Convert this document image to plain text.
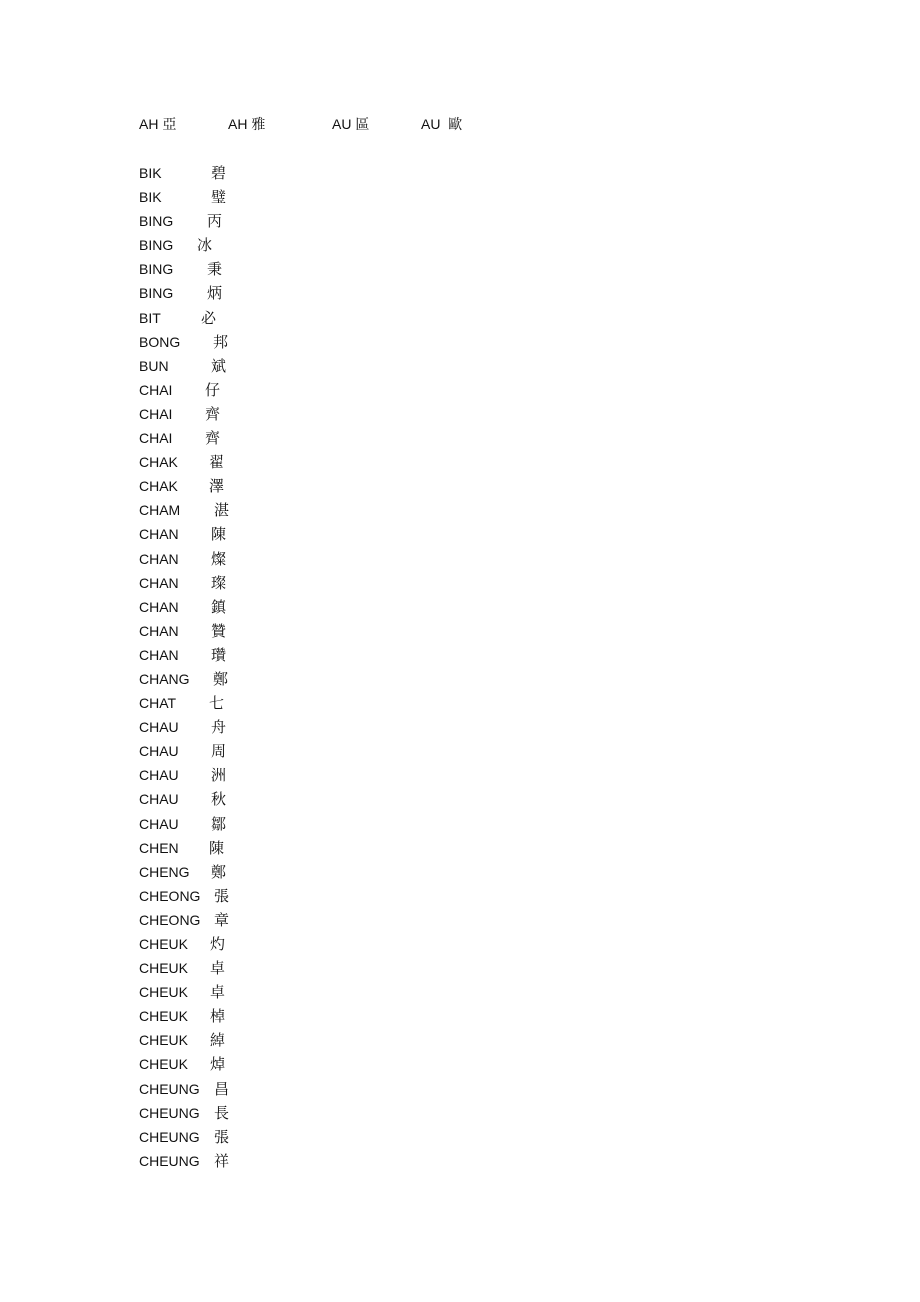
AH 亞	AH 雅	AU 區	AU  歐
BIK	碧
BIK	璧
BING 丙
BING 冰
BING 秉
BING 炳
BIT	必
BONG 邦
BUN	斌
CHAI 仔
CHAI 齊
CHAI 齊
CHAK 翟
CHAK 澤
CHAM 湛
CHAN 陳
CHAN 燦
CHAN 璨
CHAN 鎮
CHAN 贊
CHAN 瓚
CHANG 鄭
CHAT 七
CHAU 舟
CHAU 周
CHAU 洲
CHAU 秋
CHAU 鄒
CHEN 陳
CHENG 鄭
CHEONG 張
CHEONG 章
CHEUK 灼
CHEUK 卓
CHEUK 卓
CHEUK 棹
CHEUK 綽
CHEUK 焯
CHEUNG 昌
CHEUNG 長
CHEUNG 張
CHEUNG 祥
